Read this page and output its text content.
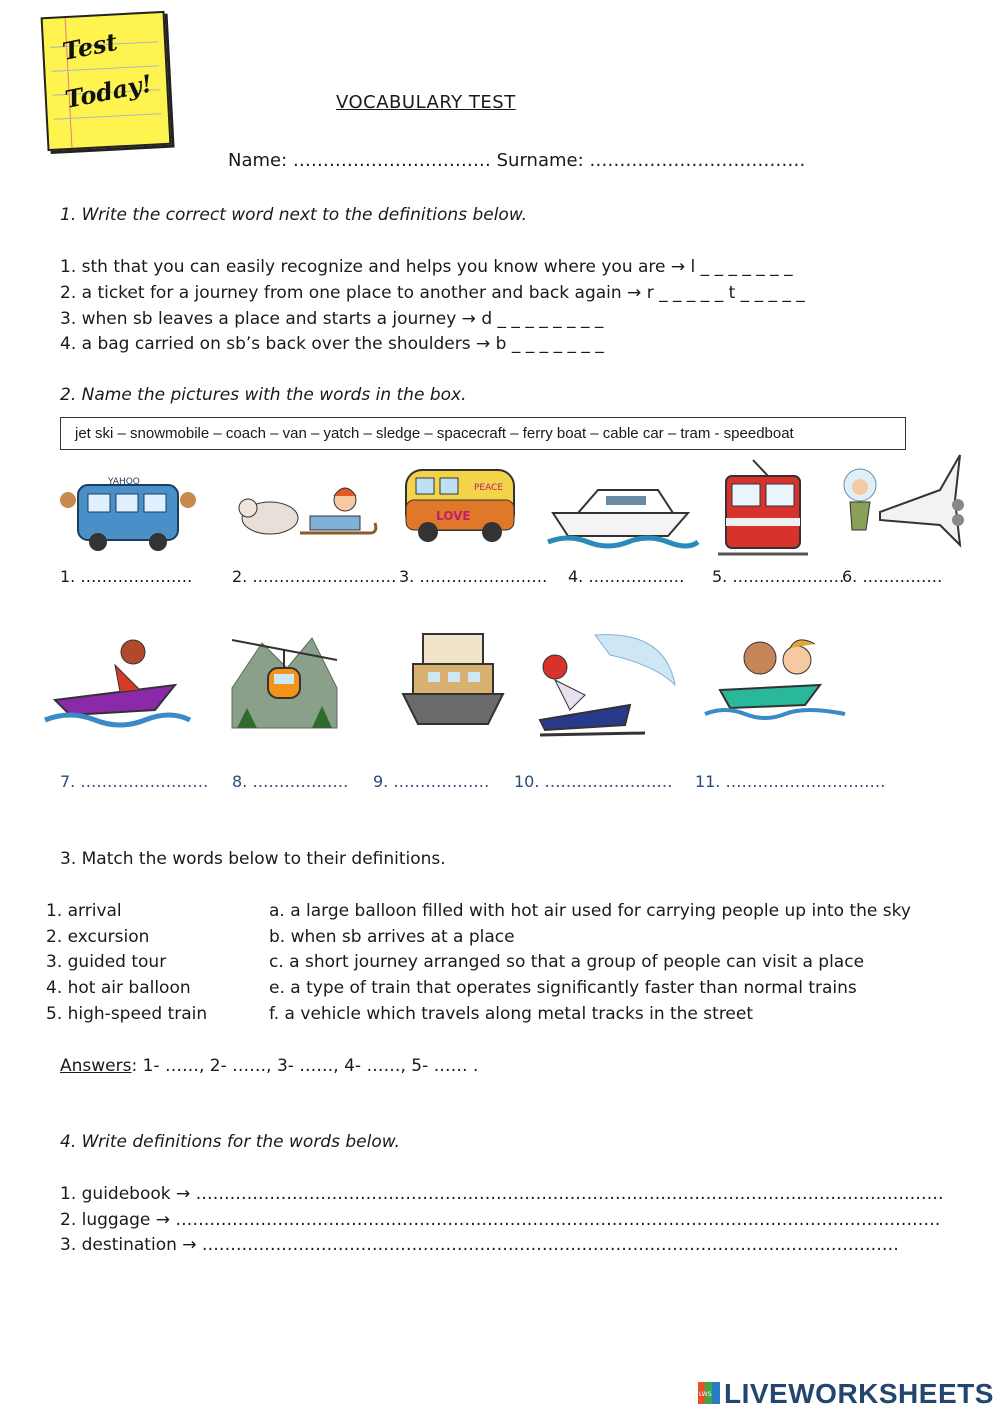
Test
Today!	VOCABULARY TEST
Name: …………………………… Surname: ………………………………
1. Write the correct word next to the definitions below.
1. sth that you can easily recognize and helps you know where you are → l _ _ _ _ _ _ _
2. a ticket for a journey from one place to another and back again → r _ _ _ _ _ t _ _ _ _ _
3. when sb leaves a place and starts a journey → d _ _ _ _ _ _ _ _
4. a bag carried on sb’s back over the shoulders → b _ _ _ _ _ _ _
2. Name the pictures with the words in the box.
jet ski – snowmobile – coach – van – yatch – sledge – spacecraft – ferry boat – cable car – tram - speedboat
YAHOO
LOVE
PEACE
1. ………………… 2. ……………………… 3. …………………… 4. ……………… 5. …………………
6. ……………
7. …………………… 8. ……………… 9. ……………… 10. …………………… 11. …………………………
3. Match the words below to their definitions.
1. arrival
2. excursion
3. guided tour
4. hot air balloon
5. high-speed train
a. a large balloon filled with hot air used for carrying people up into the sky
b. when sb arrives at a place
c. a short journey arranged so that a group of people can visit a place
e. a type of train that operates significantly faster than normal trains
f. a vehicle which travels along metal tracks in the street
Answers: 1- ……, 2- ……, 3- ……, 4- ……, 5- …… .
4. Write definitions for the words below.
1. guidebook → ……………………………………………………………………………………………………………………
2. luggage → ………………………………………………………………………………………………………………………
3. destination → ……………………………………………………………………………………………………………
LWS LIVEWORKSHEETS
